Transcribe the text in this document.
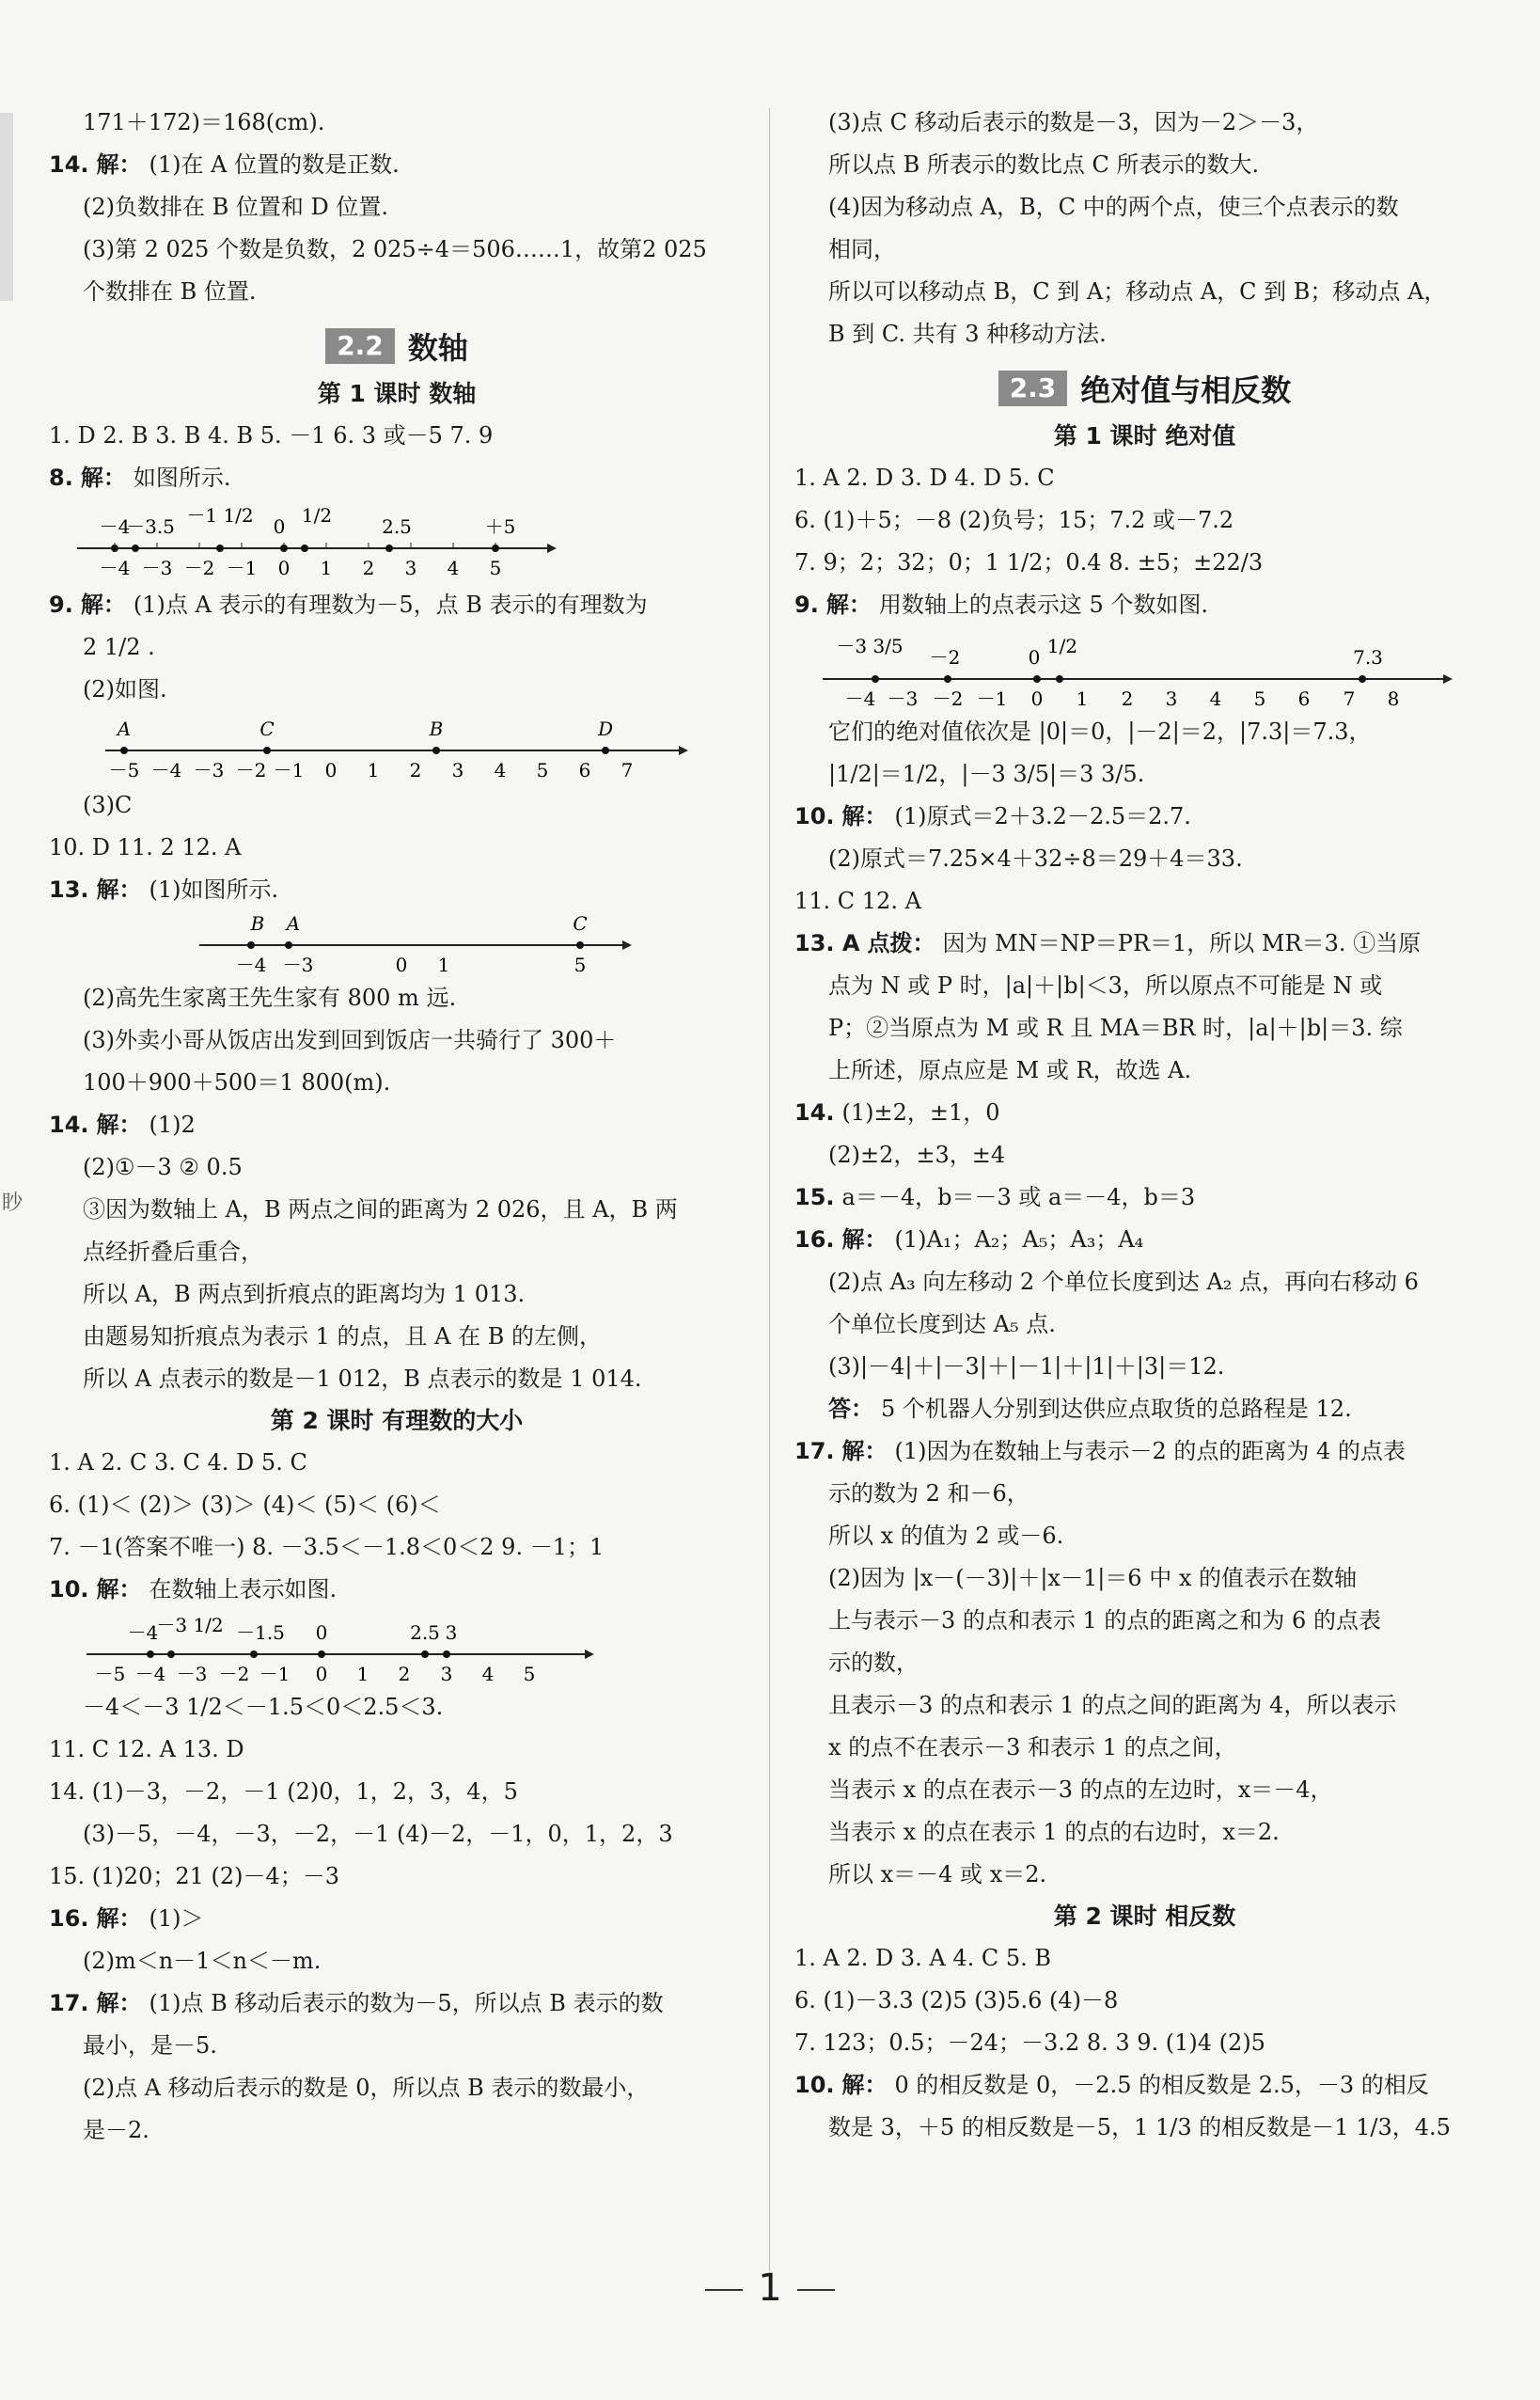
眇
171＋172)＝168(cm).
14. 解： (1)在 A 位置的数是正数.
(2)负数排在 B 位置和 D 位置.
(3)第 2 025 个数是负数，2 025÷4＝506……1，故第2 025
个数排在 B 位置.
2.2 数轴
第 1 课时 数轴
1. D 2. B 3. B 4. B 5. －1 6. 3 或－5 7. 9
8. 解： 如图所示.
－4 －3 －2 －1 0 1 2 3 4 5
－4
－3.5 －1 1/2 0 1/2	2.5	＋5
9. 解： (1)点 A 表示的有理数为－5，点 B 表示的有理数为
2 1/2 .
(2)如图.
－5 －4 －3 －2 －1 0 1 2 3 4 5 6 7
A	C	B	D
(3)C
10. D 11. 2 12. A
13. 解： (1)如图所示.
－4 －3	0 1	5
B A	C
(2)高先生家离王先生家有 800 m 远.
(3)外卖小哥从饭店出发到回到饭店一共骑行了 300＋
100＋900＋500＝1 800(m).
14. 解： (1)2
(2)①－3 ② 0.5
③因为数轴上 A，B 两点之间的距离为 2 026，且 A，B 两
点经折叠后重合，
所以 A，B 两点到折痕点的距离均为 1 013.
由题易知折痕点为表示 1 的点，且 A 在 B 的左侧，
所以 A 点表示的数是－1 012，B 点表示的数是 1 014.
第 2 课时 有理数的大小
1. A 2. C 3. C 4. D 5. C
6. (1)＜ (2)＞ (3)＞ (4)＜ (5)＜ (6)＜
7. －1(答案不唯一) 8. －3.5＜－1.8＜0＜2 9. －1；1
10. 解： 在数轴上表示如图.
－5 －4 －3 －2 －1 0 1 2 3 4 5
－4
－3 1/2 －1.5 0	2.5 3
－4＜－3 1/2＜－1.5＜0＜2.5＜3.
11. C 12. A 13. D
14. (1)－3，－2，－1 (2)0，1，2，3，4，5
(3)－5，－4，－3，－2，－1 (4)－2，－1，0，1，2，3
15. (1)20；21 (2)－4；－3
16. 解： (1)＞
(2)m＜n－1＜n＜－m.
17. 解： (1)点 B 移动后表示的数为－5，所以点 B 表示的数
最小，是－5.
(2)点 A 移动后表示的数是 0，所以点 B 表示的数最小，
是－2.
(3)点 C 移动后表示的数是－3，因为－2＞－3，
所以点 B 所表示的数比点 C 所表示的数大.
(4)因为移动点 A，B，C 中的两个点，使三个点表示的数
相同，
所以可以移动点 B，C 到 A；移动点 A，C 到 B；移动点 A，
B 到 C. 共有 3 种移动方法.
2.3 绝对值与相反数
第 1 课时 绝对值
1. A 2. D 3. D 4. D 5. C
6. (1)＋5；－8 (2)负号；15；7.2 或－7.2
7. 9；2；32；0；1 1/2；0.4 8. ±5；±22/3
9. 解： 用数轴上的点表示这 5 个数如图.
－4 －3 －2 －1 0 1 2 3 4 5 6 7 8
－3 3/5 －2	0 1/2	7.3
它们的绝对值依次是 |0|＝0，|－2|＝2，|7.3|＝7.3，
|1/2|＝1/2，|－3 3/5|＝3 3/5.
10. 解： (1)原式＝2＋3.2－2.5＝2.7.
(2)原式＝7.25×4＋32÷8＝29＋4＝33.
11. C 12. A
13. A 点拨： 因为 MN＝NP＝PR＝1，所以 MR＝3. ①当原
点为 N 或 P 时，|a|＋|b|＜3，所以原点不可能是 N 或
P；②当原点为 M 或 R 且 MA＝BR 时，|a|＋|b|＝3. 综
上所述，原点应是 M 或 R，故选 A.
14. (1)±2，±1，0
(2)±2，±3，±4
15. a＝－4，b＝－3 或 a＝－4，b＝3
16. 解： (1)A₁；A₂；A₅；A₃；A₄
(2)点 A₃ 向左移动 2 个单位长度到达 A₂ 点，再向右移动 6
个单位长度到达 A₅ 点.
(3)|－4|＋|－3|＋|－1|＋|1|＋|3|＝12.
答： 5 个机器人分别到达供应点取货的总路程是 12.
17. 解： (1)因为在数轴上与表示－2 的点的距离为 4 的点表
示的数为 2 和－6，
所以 x 的值为 2 或－6.
(2)因为 |x－(－3)|＋|x－1|＝6 中 x 的值表示在数轴
上与表示－3 的点和表示 1 的点的距离之和为 6 的点表
示的数，
且表示－3 的点和表示 1 的点之间的距离为 4，所以表示
x 的点不在表示－3 和表示 1 的点之间，
当表示 x 的点在表示－3 的点的左边时，x＝－4，
当表示 x 的点在表示 1 的点的右边时，x＝2.
所以 x＝－4 或 x＝2.
第 2 课时 相反数
1. A 2. D 3. A 4. C 5. B
6. (1)－3.3 (2)5 (3)5.6 (4)－8
7. 123；0.5；－24；－3.2 8. 3 9. (1)4 (2)5
10. 解： 0 的相反数是 0，－2.5 的相反数是 2.5，－3 的相反
数是 3，＋5 的相反数是－5，1 1/3 的相反数是－1 1/3，4.5
1
